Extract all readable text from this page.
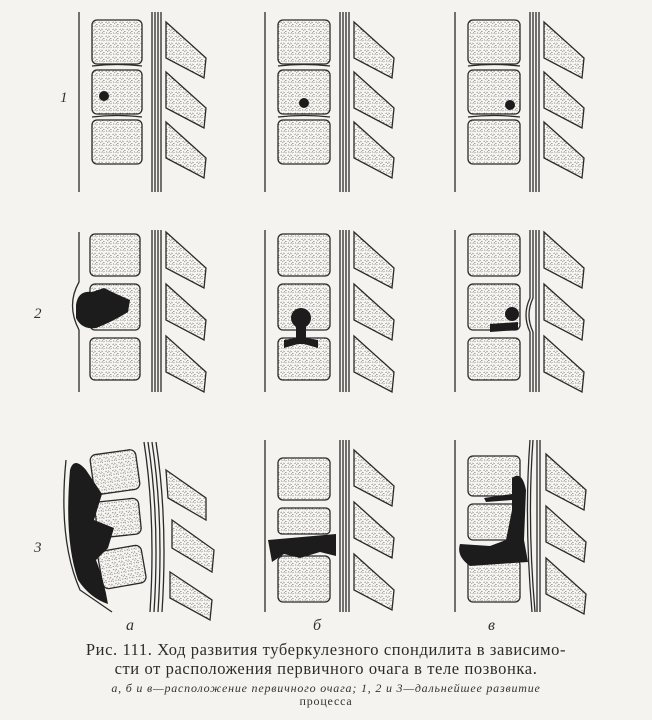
1
2
3
а	б	в
Рис. 111. Ход развития туберкулезного спондилита в зависимо-
сти от расположения первичного очага в теле позвонка.
а, б и в—расположение первичного очага; 1, 2 и 3—дальнейшее развитие
процесса
